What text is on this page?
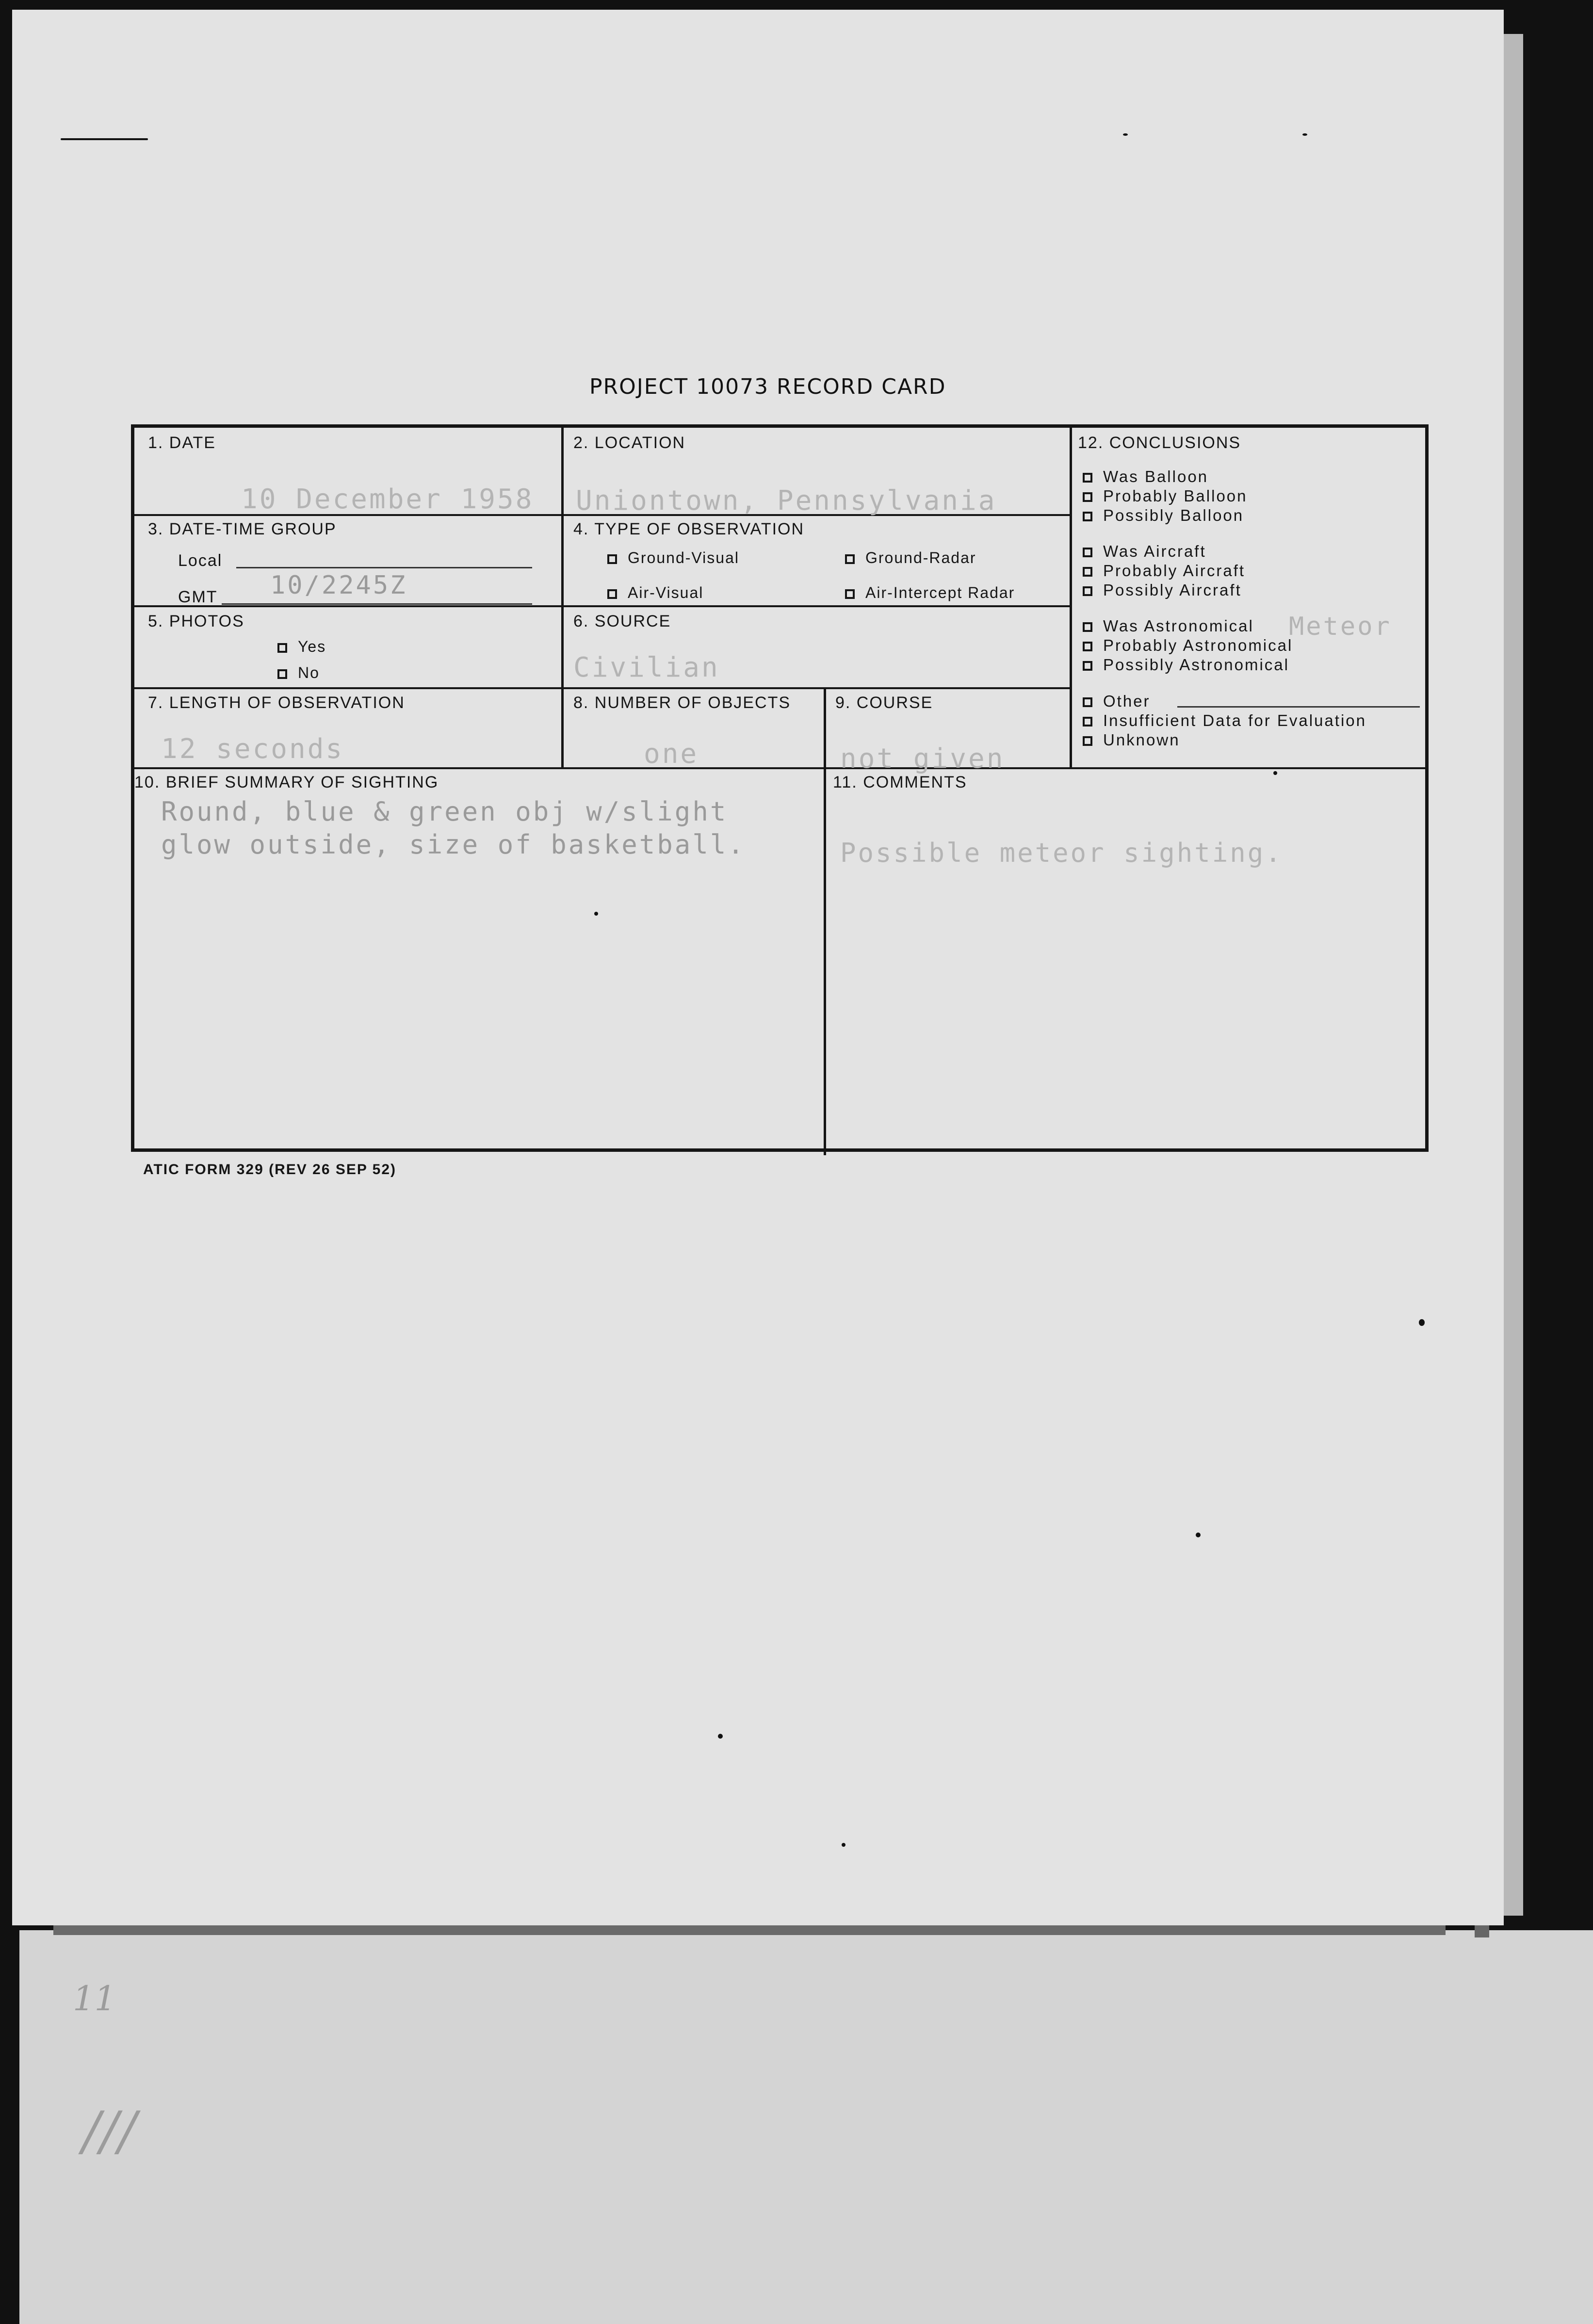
11
///
PROJECT 10073 RECORD CARD
1. DATE
10 December 1958
2. LOCATION
Uniontown, Pennsylvania
3. DATE-TIME GROUP
Local
GMT 10/2245Z
4. TYPE OF OBSERVATION
Ground-Visual	Ground-Radar
Air-Visual	Air-Intercept Radar
5. PHOTOS
Yes
No
6. SOURCE
Civilian
7. LENGTH OF OBSERVATION
12 seconds
8. NUMBER OF OBJECTS
one
9. COURSE
not given
10. BRIEF SUMMARY OF SIGHTING
Round, blue & green obj w/slight
glow outside, size of basketball.
11. COMMENTS
Possible meteor sighting.
12. CONCLUSIONS
Was Balloon
Probably Balloon
Possibly Balloon
Was Aircraft
Probably Aircraft
Possibly Aircraft
Was Astronomical
Probably Astronomical
Possibly Astronomical
Other
Insufficient Data for Evaluation
Unknown
Meteor
ATIC FORM 329 (REV 26 SEP 52)
